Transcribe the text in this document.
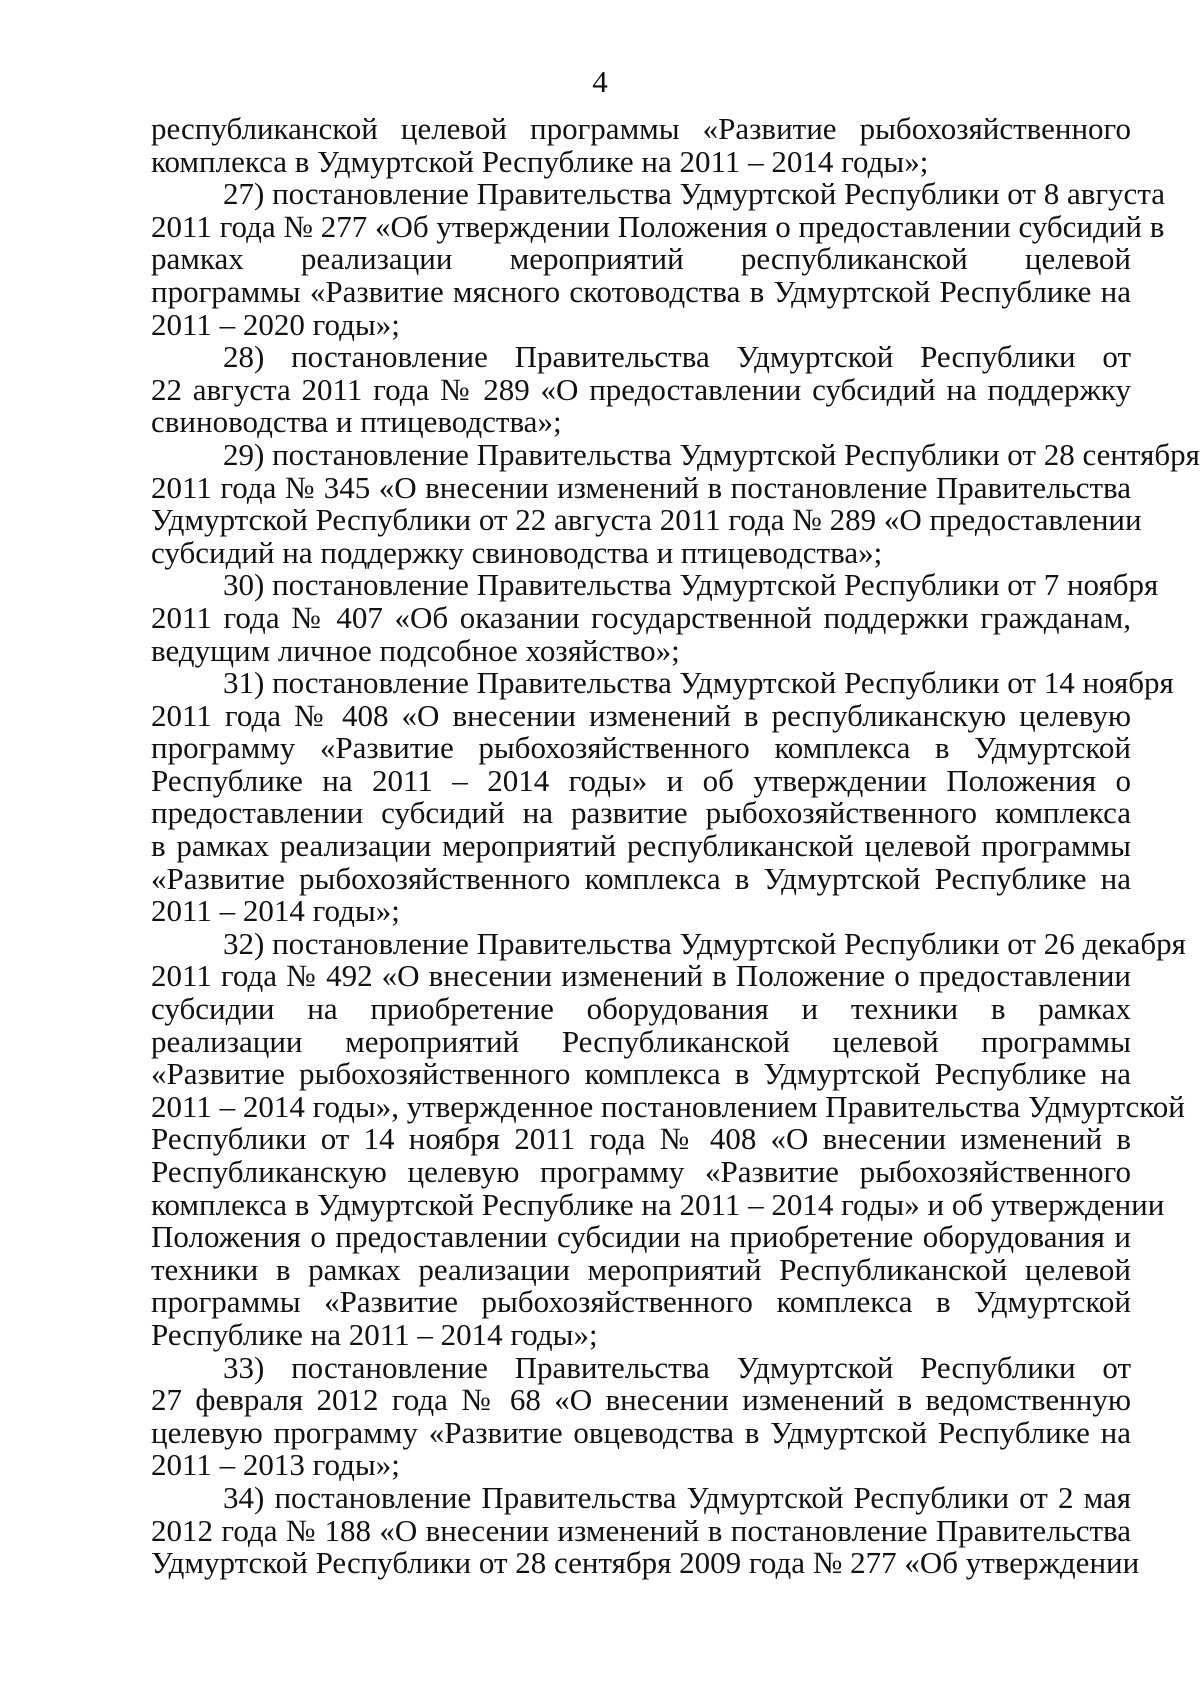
4
республиканской целевой программы «Развитие рыбохозяйственного
комплекса в Удмуртской Республике на 2011 – 2014 годы»;
27) постановление Правительства Удмуртской Республики от 8 августа
2011 года № 277 «Об утверждении Положения о предоставлении субсидий в
рамках реализации мероприятий республиканской целевой
программы «Развитие мясного скотоводства в Удмуртской Республике на
2011 – 2020 годы»;
28) постановление Правительства Удмуртской Республики от
22 августа 2011 года № 289 «О предоставлении субсидий на поддержку
свиноводства и птицеводства»;
29) постановление Правительства Удмуртской Республики от 28 сентября
2011 года № 345 «О внесении изменений в постановление Правительства
Удмуртской Республики от 22 августа 2011 года № 289 «О предоставлении
субсидий на поддержку свиноводства и птицеводства»;
30) постановление Правительства Удмуртской Республики от 7 ноября
2011 года № 407 «Об оказании государственной поддержки гражданам,
ведущим личное подсобное хозяйство»;
31) постановление Правительства Удмуртской Республики от 14 ноября
2011 года № 408 «О внесении изменений в республиканскую целевую
программу «Развитие рыбохозяйственного комплекса в Удмуртской
Республике на 2011 – 2014 годы» и об утверждении Положения о
предоставлении субсидий на развитие рыбохозяйственного комплекса
в рамках реализации мероприятий республиканской целевой программы
«Развитие рыбохозяйственного комплекса в Удмуртской Республике на
2011 – 2014 годы»;
32) постановление Правительства Удмуртской Республики от 26 декабря
2011 года № 492 «О внесении изменений в Положение о предоставлении
субсидии на приобретение оборудования и техники в рамках
реализации мероприятий Республиканской целевой программы
«Развитие рыбохозяйственного комплекса в Удмуртской Республике на
2011 – 2014 годы», утвержденное постановлением Правительства Удмуртской
Республики от 14 ноября 2011 года № 408 «О внесении изменений в
Республиканскую целевую программу «Развитие рыбохозяйственного
комплекса в Удмуртской Республике на 2011 – 2014 годы» и об утверждении
Положения о предоставлении субсидии на приобретение оборудования и
техники в рамках реализации мероприятий Республиканской целевой
программы «Развитие рыбохозяйственного комплекса в Удмуртской
Республике на 2011 – 2014 годы»;
33) постановление Правительства Удмуртской Республики от
27 февраля 2012 года № 68 «О внесении изменений в ведомственную
целевую программу «Развитие овцеводства в Удмуртской Республике на
2011 – 2013 годы»;
34) постановление Правительства Удмуртской Республики от 2 мая
2012 года № 188 «О внесении изменений в постановление Правительства
Удмуртской Республики от 28 сентября 2009 года № 277 «Об утверждении
